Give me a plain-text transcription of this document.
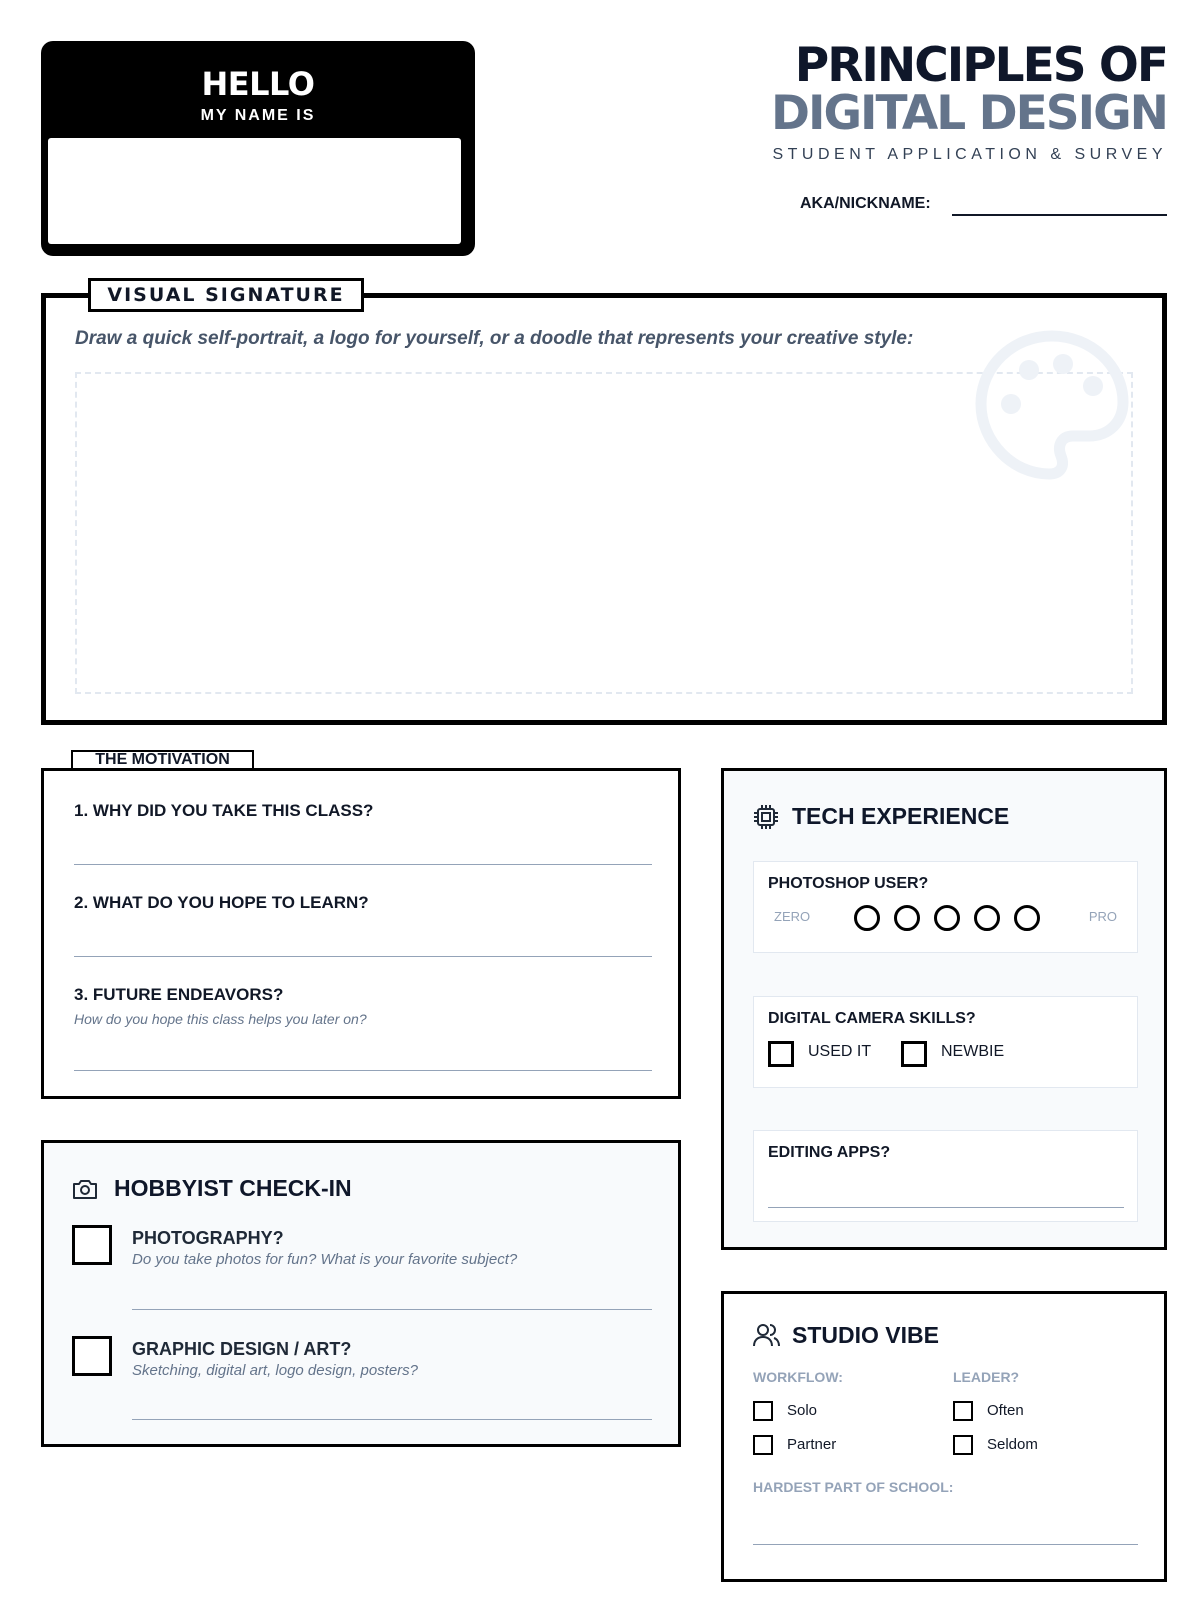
HELLO
MY NAME IS
PRINCIPLES OF
DIGITAL DESIGN
STUDENT APPLICATION & SURVEY
AKA/NICKNAME:
VISUAL SIGNATURE
Draw a quick self-portrait, a logo for yourself, or a doodle that represents your creative style:
THE MOTIVATION
1. WHY DID YOU TAKE THIS CLASS?
2. WHAT DO YOU HOPE TO LEARN?
3. FUTURE ENDEAVORS?
How do you hope this class helps you later on?
HOBBYIST CHECK-IN
PHOTOGRAPHY?
Do you take photos for fun? What is your favorite subject?
GRAPHIC DESIGN / ART?
Sketching, digital art, logo design, posters?
TECH EXPERIENCE
PHOTOSHOP USER?
ZERO	PRO
DIGITAL CAMERA SKILLS?
USED IT	NEWBIE
EDITING APPS?
STUDIO VIBE
WORKFLOW:
Solo
Partner
LEADER?
Often
Seldom
HARDEST PART OF SCHOOL:
